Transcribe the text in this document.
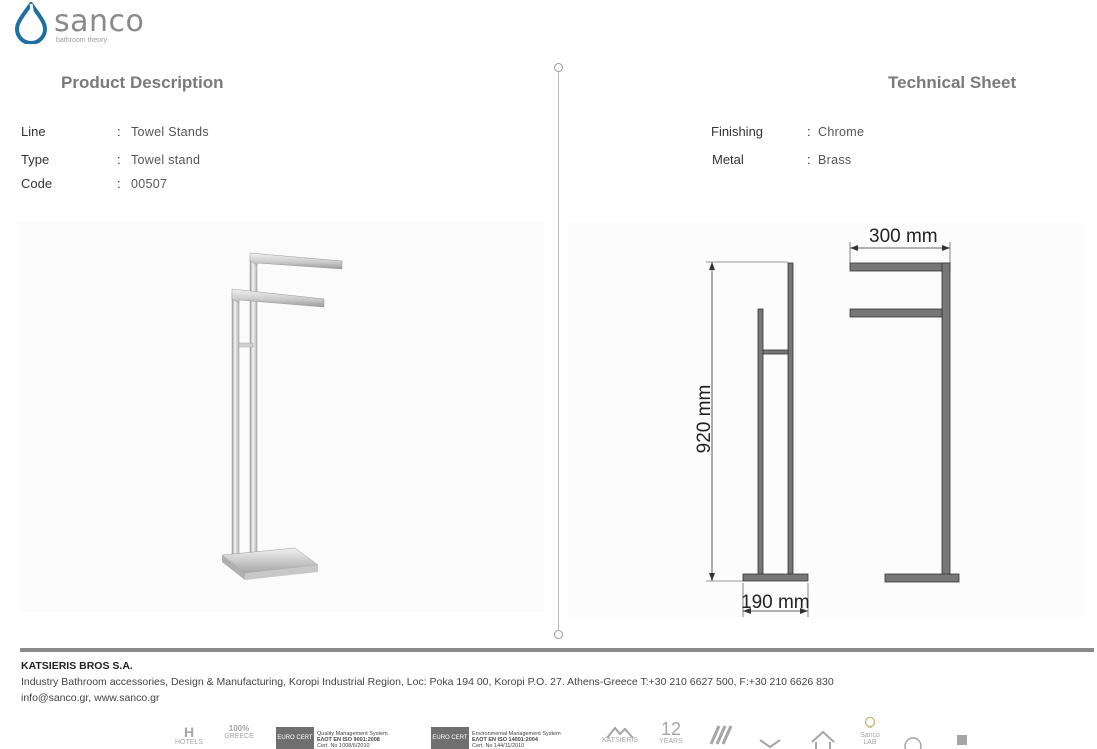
sanco
bathroom theory
Product Description	Technical Sheet
Line	: Towel Stands
Type	: Towel stand
Code	: 00507
Finishing	: Chrome
Metal	: Brass
300 mm
190 mm
920 mm
KATSIERIS BROS S.A.
Industry Bathroom accessories, Design & Manufacturing, Koropi Industrial Region, Loc: Poka 194 00, Koropi P.O. 27. Athens-Greece T:+30 210 6627 500, F:+30 210 6626 830
info@sanco.gr, www.sanco.gr
H
HOTELS
100%
GREECE	EURO CERT
Quality Management System
ΕΛΟΤ EN ISO 9001:2008
Cert. No 1008/6/2010
EURO CERT
Environmental Management System
ΕΛΟΤ EN ISO 14001:2004
Cert. No 144/11/2010
KATSIERIS
12
YEARS
Sanco LAB
